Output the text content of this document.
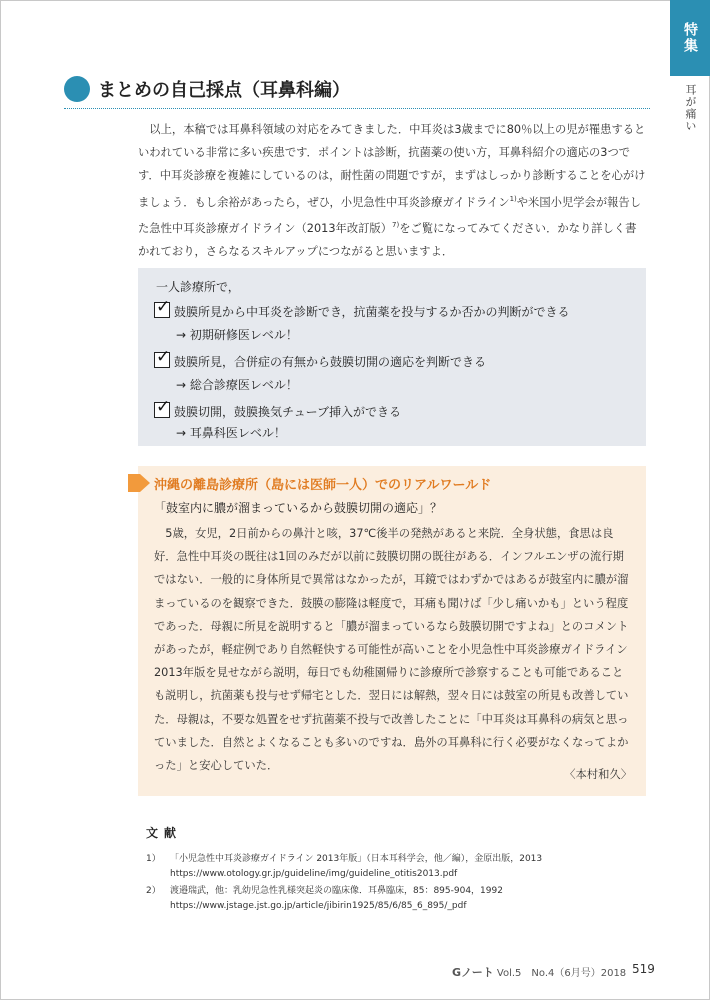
特集
耳が痛い
まとめの自己採点（耳鼻科編）

以上，本稿では耳鼻科領域の対応をみてきました．中耳炎は3歳までに80％以上の児が罹患するといわれている非常に多い疾患です．ポイントは診断，抗菌薬の使い方，耳鼻科紹介の適応の3つです．中耳炎診療を複雑にしているのは，耐性菌の問題ですが，まずはしっかり診断することを心がけましょう．もし余裕があったら，ぜひ，小児急性中耳炎診療ガイドライン$^{1)}$や米国小児学会が報告した急性中耳炎診療ガイドライン（2013年改訂版）$^{7)}$をご覧になってみてください．かなり詳しく書かれており，さらなるスキルアップにつながると思いますよ．

一人診療所で，
✓ 鼓膜所見から中耳炎を診断でき，抗菌薬を投与するか否かの判断ができる
→ 初期研修医レベル！
✓ 鼓膜所見，合併症の有無から鼓膜切開の適応を判断できる
→ 総合診療医レベル！
✓ 鼓膜切開，鼓膜換気チューブ挿入ができる
→ 耳鼻科医レベル！
沖縄の離島診療所（島には医師一人）でのリアルワールド
「鼓室内に膿が溜まっているから鼓膜切開の適応」？

5歳，女児，2日前からの鼻汁と咳，37℃後半の発熱があると来院．全身状態，食思は良好．急性中耳炎の既往は1回のみだが以前に鼓膜切開の既往がある．インフルエンザの流行期ではない．一般的に身体所見で異常はなかったが，耳鏡ではわずかではあるが鼓室内に膿が溜まっているのを観察できた．鼓膜の膨隆は軽度で，耳痛も聞けば「少し痛いかも」という程度であった．母親に所見を説明すると「膿が溜まっているなら鼓膜切開ですよね」とのコメントがあったが，軽症例であり自然軽快する可能性が高いことを小児急性中耳炎診療ガイドライン2013年版を見せながら説明，毎日でも幼稚園帰りに診療所で診察することも可能であることも説明し，抗菌薬も投与せず帰宅とした．翌日には解熱，翌々日には鼓室の所見も改善していた．母親は，不要な処置をせず抗菌薬不投与で改善したことに「中耳炎は耳鼻科の病気と思っていました．自然とよくなることも多いのですね．島外の耳鼻科に行く必要がなくなってよかった」と安心していた．

〈本村和久〉
文献
1） 「小児急性中耳炎診療ガイドライン 2013年版」（日本耳科学会，他／編），金原出版，2013
https://www.otology.gr.jp/guideline/img/guideline_otitis2013.pdf
2） 渡邉瑞武，他：乳幼児急性乳様突起炎の臨床像．耳鼻臨床，85：895-904，1992
https://www.jstage.jst.go.jp/article/jibirin1925/85/6/85_6_895/_pdf
Gノート Vol.5　No.4（6月号）2018 519
